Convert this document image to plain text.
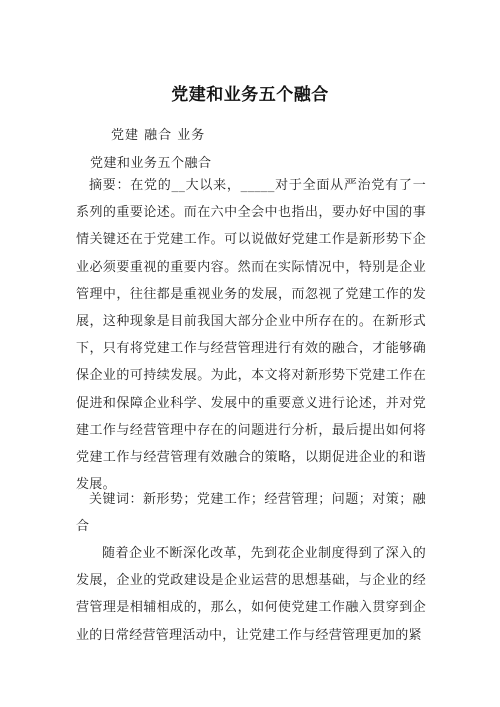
党建和业务五个融合
党建 融合 业务
党建和业务五个融合
摘要：在党的__大以来，_____对于全面从严治党有了一系列的重要论述。而在六中全会中也指出，要办好中国的事情关键还在于党建工作。可以说做好党建工作是新形势下企业必须要重视的重要内容。然而在实际情况中，特别是企业管理中，往往都是重视业务的发展，而忽视了党建工作的发展，这种现象是目前我国大部分企业中所存在的。在新形式下，只有将党建工作与经营管理进行有效的融合，才能够确保企业的可持续发展。为此，本文将对新形势下党建工作在促进和保障企业科学、发展中的重要意义进行论述，并对党建工作与经营管理中存在的问题进行分析，最后提出如何将党建工作与经营管理有效融合的策略，以期促进企业的和谐发展。
关键词：新形势；党建工作；经营管理；问题；对策；融合
随着企业不断深化改革，先到花企业制度得到了深入的发展，企业的党政建设是企业运营的思想基础，与企业的经营管理是相辅相成的，那么，如何使党建工作融入贯穿到企业的日常经营管理活动中，让党建工作与经营管理更加的紧
